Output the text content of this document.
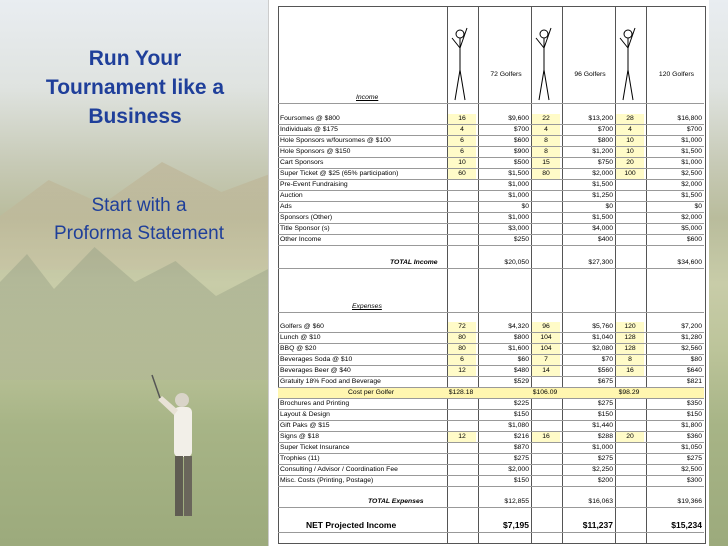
Run Your
Tournament like a
Business
Start with a
Proforma Statement
72 Golfers	96 Golfers	120 Golfers
Income
Foursomes @ $800	16	$9,600	22	$13,200	28	$16,800
Individuals @ $175	4	$700	4	$700	4	$700
Hole Sponsors w/foursomes @ $100	6	$600	8	$800	10	$1,000
Hole Sponsors @ $150	6	$900	8	$1,200	10	$1,500
Cart Sponsors	10	$500	15	$750	20	$1,000
Super Ticket @ $25 (65% participation)	60	$1,500	80	$2,000	100	$2,500
Pre-Event Fundraising	$1,000	$1,500	$2,000
Auction	$1,000	$1,250	$1,500
Ads	$0	$0	$0
Sponsors (Other)	$1,000	$1,500	$2,000
Title Sponsor (s)	$3,000	$4,000	$5,000
Other Income	$250	$400	$600
TOTAL Income	$20,050	$27,300	$34,600
Expenses
Golfers @ $60	72	$4,320	96	$5,760	120	$7,200
Lunch @ $10	80	$800	104	$1,040	128	$1,280
BBQ @ $20	80	$1,600	104	$2,080	128	$2,560
Beverages Soda @ $10	6	$60	7	$70	8	$80
Beverages Beer @ $40	12	$480	14	$560	16	$640
Gratuity 18% Food and Beverage	$529	$675	$821
Cost per Golfer	$128.18	$106.09	$98.29
Brochures and Printing	$225	$275	$350
Layout & Design	$150	$150	$150
Gift Paks @ $15	$1,080	$1,440	$1,800
Signs @ $18	12	$216	16	$288	20	$360
Super Ticket Insurance	$870	$1,000	$1,050
Trophies (11)	$275	$275	$275
Consulting / Advisor / Coordination Fee	$2,000	$2,250	$2,500
Misc. Costs (Printing, Postage)	$150	$200	$300
TOTAL Expenses	$12,855	$16,063	$19,366
NET Projected Income	$7,195	$11,237	$15,234
